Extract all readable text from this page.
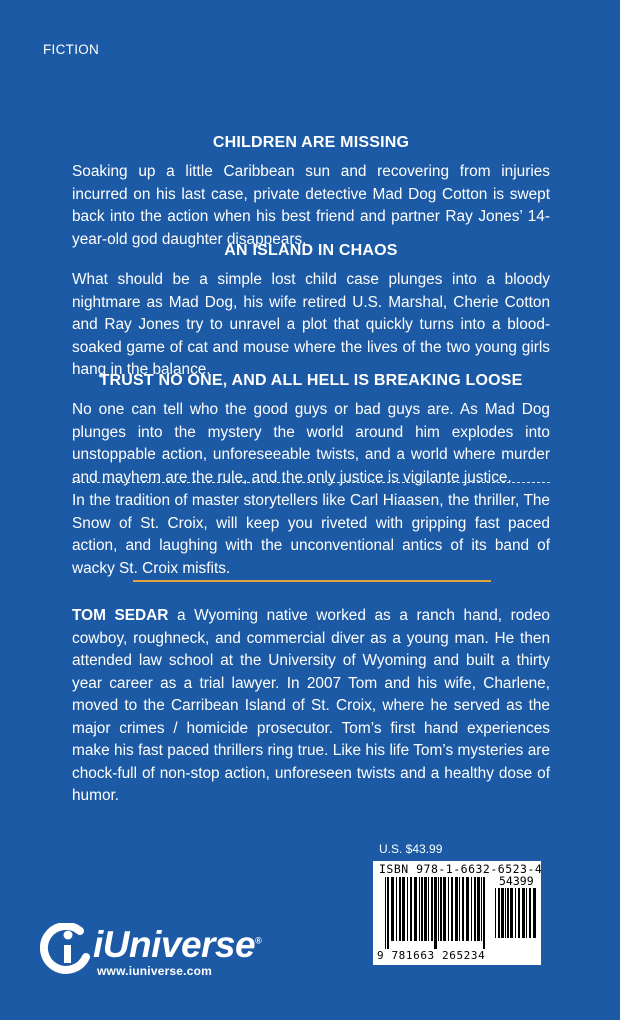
FICTION
CHILDREN ARE MISSING

Soaking up a little Caribbean sun and recovering from injuries incurred on his last case, private detective Mad Dog Cotton is swept back into the action when his best friend and partner Ray Jones’ 14-year-old god daughter disappears.

AN ISLAND IN CHAOS

What should be a simple lost child case plunges into a bloody nightmare as Mad Dog, his wife retired U.S. Marshal, Cherie Cotton and Ray Jones try to unravel a plot that quickly turns into a blood-soaked game of cat and mouse where the lives of the two young girls hang in the balance.

TRUST NO ONE, AND ALL HELL IS BREAKING LOOSE

No one can tell who the good guys or bad guys are. As Mad Dog plunges into the mystery the world around him explodes into unstoppable action, unforeseeable twists, and a world where murder and mayhem are the rule, and the only justice is vigilante justice.

In the tradition of master storytellers like Carl Hiaasen, the thriller, The Snow of St. Croix, will keep you riveted with gripping fast paced action, and laughing with the unconventional antics of its band of wacky St. Croix misfits.

TOM SEDAR a Wyoming native worked as a ranch hand, rodeo cowboy, roughneck, and commercial diver as a young man. He then attended law school at the University of Wyoming and built a thirty year career as a trial lawyer. In 2007 Tom and his wife, Charlene, moved to the Carribean Island of St. Croix, where he served as the major crimes / homicide prosecutor. Tom’s first hand experiences make his fast paced thrillers ring true. Like his life Tom’s mysteries are chock-full of non-stop action, unforeseen twists and a healthy dose of humor.

U.S. $43.99
ISBN 978-1-6632-6523-4
54399
9 781663 265234
iUniverse®
www.iuniverse.com
